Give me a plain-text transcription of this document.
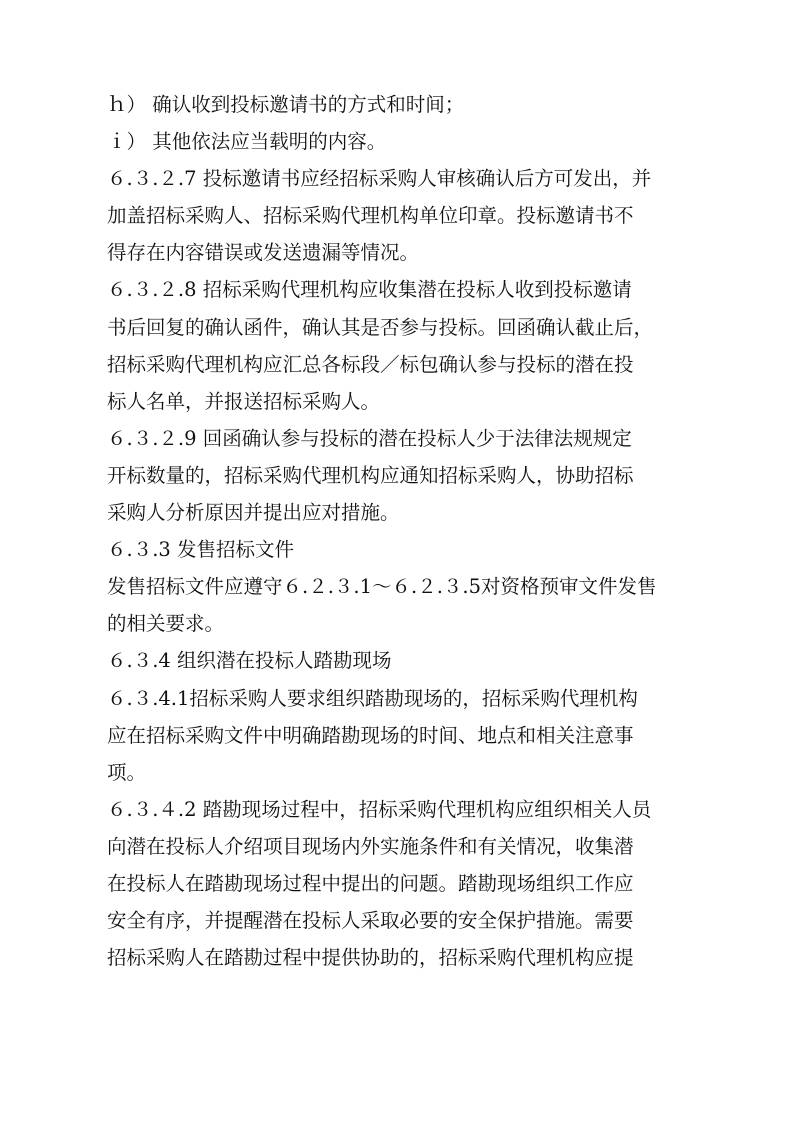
ｈ） 确认收到投标邀请书的方式和时间；
ｉ） 其他依法应当载明的内容。
６.３.２.7 投标邀请书应经招标采购人审核确认后方可发出，并
加盖招标采购人、招标采购代理机构单位印章。投标邀请书不
得存在内容错误或发送遗漏等情况。
６.３.２.8 招标采购代理机构应收集潜在投标人收到投标邀请
书后回复的确认函件，确认其是否参与投标。回函确认截止后，
招标采购代理机构应汇总各标段／标包确认参与投标的潜在投
标人名单，并报送招标采购人。
６.３.２.9 回函确认参与投标的潜在投标人少于法律法规规定
开标数量的，招标采购代理机构应通知招标采购人，协助招标
采购人分析原因并提出应对措施。
６.３.3 发售招标文件
发售招标文件应遵守６.２.３.1～６.２.３.5对资格预审文件发售
的相关要求。
６.３.4 组织潜在投标人踏勘现场
６.３.4.1招标采购人要求组织踏勘现场的，招标采购代理机构
应在招标采购文件中明确踏勘现场的时间、地点和相关注意事
项。
６.３.４.2 踏勘现场过程中，招标采购代理机构应组织相关人员
向潜在投标人介绍项目现场内外实施条件和有关情况，收集潜
在投标人在踏勘现场过程中提出的问题。踏勘现场组织工作应
安全有序，并提醒潜在投标人采取必要的安全保护措施。需要
招标采购人在踏勘过程中提供协助的，招标采购代理机构应提
